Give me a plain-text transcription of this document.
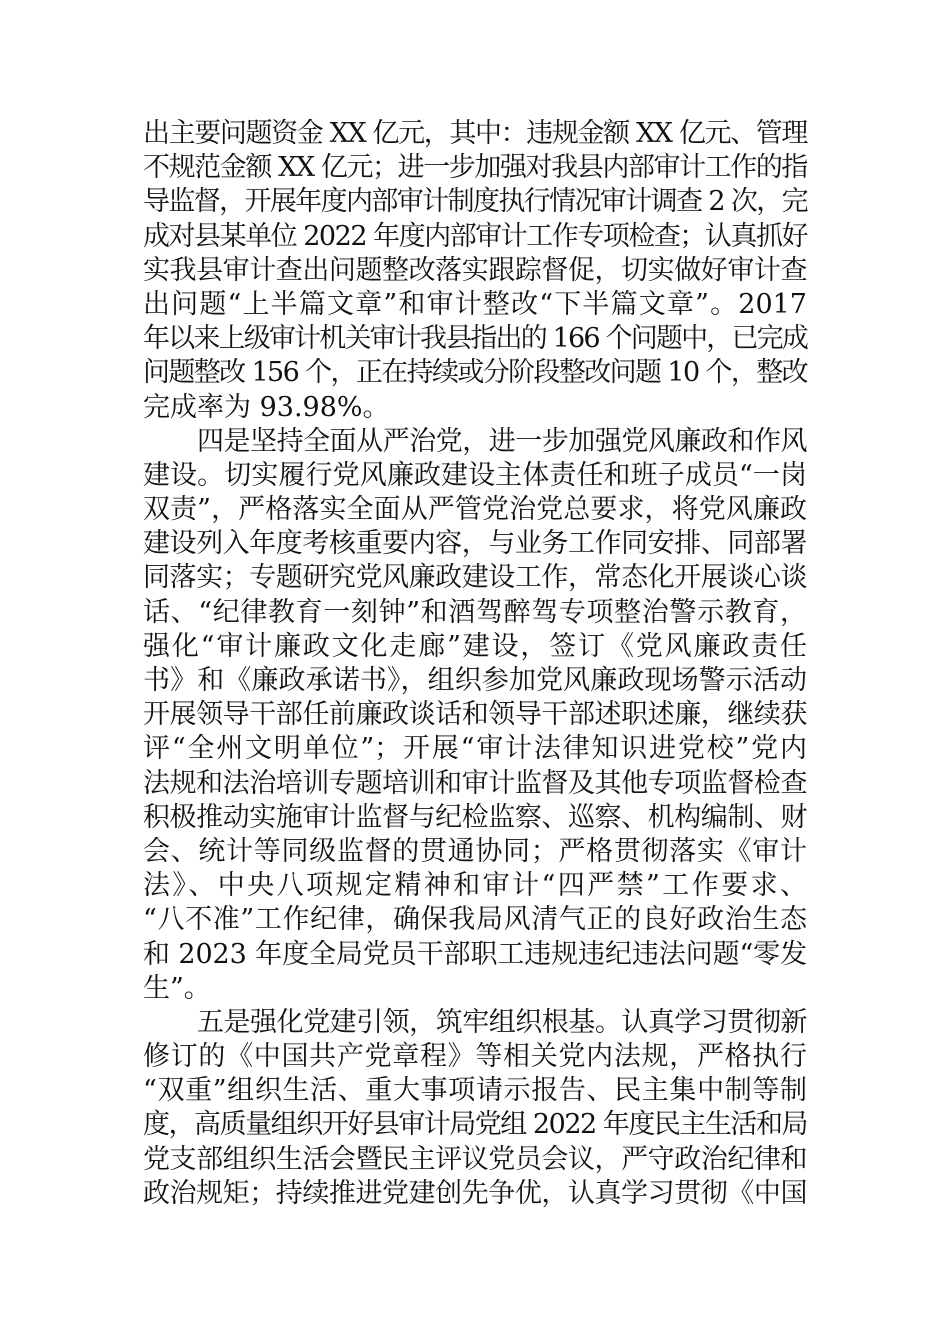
出主要问题资金 XX 亿元，其中：违规金额 XX 亿元、管理
不规范金额 XX 亿元；进一步加强对我县内部审计工作的指
导监督，开展年度内部审计制度执行情况审计调查 2 次，完
成对县某单位 2022 年度内部审计工作专项检查；认真抓好
实我县审计查出问题整改落实跟踪督促，切实做好审计查
出问题“上半篇文章”和审计整改“下半篇文章”。2017
年以来上级审计机关审计我县指出的 166 个问题中，已完成
问题整改 156 个，正在持续或分阶段整改问题 10 个，整改
完成率为 93.98%。
四是坚持全面从严治党，进一步加强党风廉政和作风
建设。切实履行党风廉政建设主体责任和班子成员“一岗
双责”，严格落实全面从严管党治党总要求，将党风廉政
建设列入年度考核重要内容，与业务工作同安排、同部署
同落实；专题研究党风廉政建设工作，常态化开展谈心谈
话、“纪律教育一刻钟”和酒驾醉驾专项整治警示教育，
强化“审计廉政文化走廊”建设，签订《党风廉政责任
书》和《廉政承诺书》，组织参加党风廉政现场警示活动
开展领导干部任前廉政谈话和领导干部述职述廉，继续获
评“全州文明单位”；开展“审计法律知识进党校”党内
法规和法治培训专题培训和审计监督及其他专项监督检查
积极推动实施审计监督与纪检监察、巡察、机构编制、财
会、统计等同级监督的贯通协同；严格贯彻落实《审计
法》、中央八项规定精神和审计“四严禁”工作要求、
“八不准”工作纪律，确保我局风清气正的良好政治生态
和 2023 年度全局党员干部职工违规违纪违法问题“零发
生”。
五是强化党建引领，筑牢组织根基。认真学习贯彻新
修订的《中国共产党章程》等相关党内法规，严格执行
“双重”组织生活、重大事项请示报告、民主集中制等制
度，高质量组织开好县审计局党组 2022 年度民主生活和局
党支部组织生活会暨民主评议党员会议，严守政治纪律和
政治规矩；持续推进党建创先争优，认真学习贯彻《中国
